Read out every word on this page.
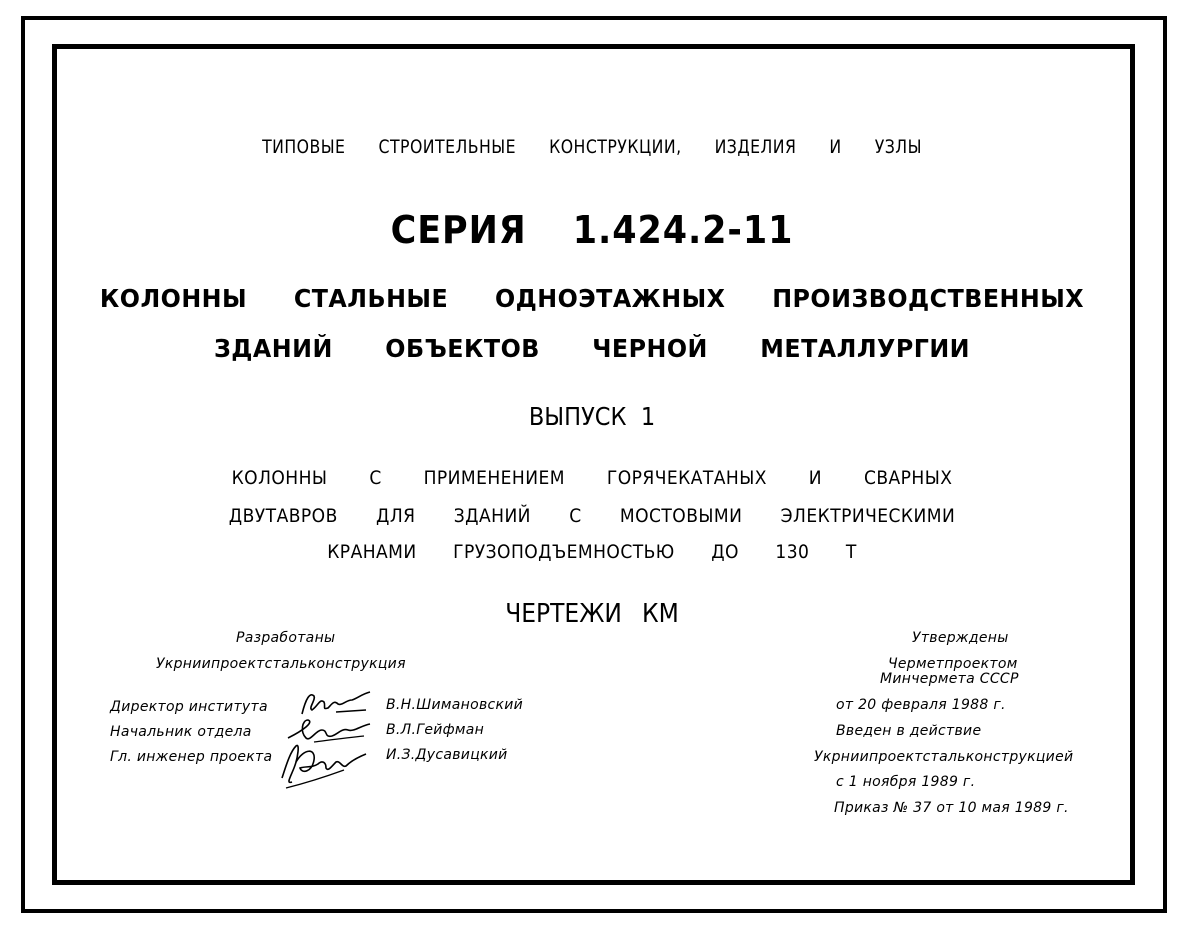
ТИПОВЫЕ СТРОИТЕЛЬНЫЕ КОНСТРУКЦИИ, ИЗДЕЛИЯ И УЗЛЫ
СЕРИЯ 1.424.2-11
КОЛОННЫ СТАЛЬНЫЕ ОДНОЭТАЖНЫХ ПРОИЗВОДСТВЕННЫХ
ЗДАНИЙ ОБЪЕКТОВ ЧЕРНОЙ МЕТАЛЛУРГИИ
ВЫПУСК 1
КОЛОННЫ С ПРИМЕНЕНИЕМ ГОРЯЧЕКАТАНЫХ И СВАРНЫХ
ДВУТАВРОВ ДЛЯ ЗДАНИЙ С МОСТОВЫМИ ЭЛЕКТРИЧЕСКИМИ
КРАНАМИ ГРУЗОПОДЪЕМНОСТЬЮ ДО 130 Т
ЧЕРТЕЖИ КМ
Разработаны
Укрниипроектстальконструкция
Директор института	В.Н.Шимановский
Начальник отдела	В.Л.Гейфман
Гл. инженер проекта	И.З.Дусавицкий
Утверждены
Черметпроектом
Минчермета СССР
от 20 февраля 1988 г.
Введен в действие
Укрниипроектстальконструкцией
с 1 ноября 1989 г.
Приказ № 37 от 10 мая 1989 г.
